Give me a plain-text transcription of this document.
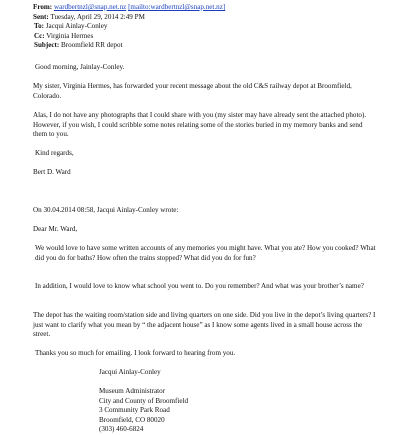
From: wardbertnzl@snap.net.nz [mailto:wardbertnzl@snap.net.nz]
Sent: Tuesday, April 29, 2014 2:49 PM
To: Jacqui Ainlay-Conley
Cc: Virginia Hermes
Subject: Broomfield RR depot

Good morning, Jainlay-Conley.

My sister, Virginia Hermes, has forwarded your recent message about the old C&S railway depot at Broomfield, Colorado.

Alas, I do not have any photographs that I could share with you (my sister may have already sent the attached photo). However, if you wish, I could scribble some notes relating some of the stories buried in my memory banks and send them to you.

Kind regards,

Bert D. Ward

On 30.04.2014 08:58, Jacqui Ainlay-Conley wrote:

Dear Mr. Ward,

We would love to have some written accounts of any memories you might have. What you ate? How you cooked? What did you do for baths? How often the trains stopped? What did you do for fun?

In addition, I would love to know what school you went to. Do you remember? And what was your brother’s name?

The depot has the waiting room/station side and living quarters on one side. Did you live in the depot’s living quarters? I just want to clarify what you mean by “ the adjacent house” as I know some agents lived in a small house across the street.

Thanks you so much for emailing. I look forward to hearing from you.

Jacqui Ainlay-Conley
Museum Administrator
City and County of Broomfield
3 Community Park Road
Broomfield, CO 80020
(303) 460-6824
